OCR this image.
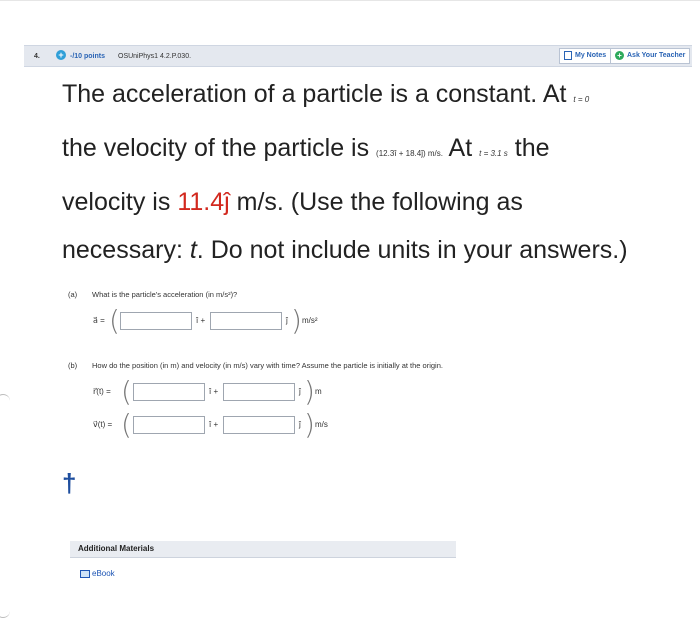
4. + -/10 points OSUniPhys1 4.2.P.030.	My Notes	+ Ask Your Teacher
The acceleration of a particle is a constant. At t = 0
the velocity of the particle is (12.3î + 18.4ĵ) m/s. At t = 3.1 s the
velocity is 11.4ĵ m/s. (Use the following as
necessary: t. Do not include units in your answers.)
(a) What is the particle's acceleration (in m/s²)?
a⃗ = (	î +	ĵ ) m/s²
(b) How do the position (in m) and velocity (in m/s) vary with time? Assume the particle is initially at the origin.
r⃗(t) = (	î +	ĵ ) m
v⃗(t) = (	î +	ĵ ) m/s
†
Additional Materials
eBook
